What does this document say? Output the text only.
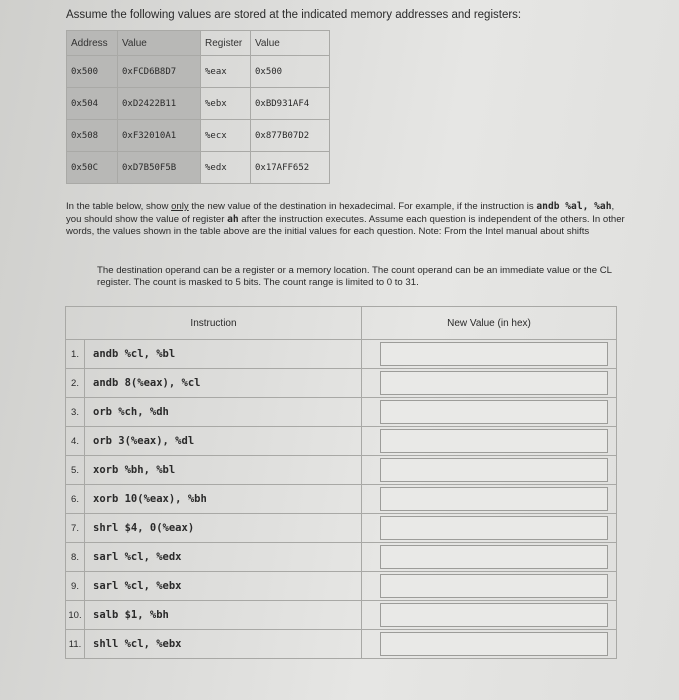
Assume the following values are stored at the indicated memory addresses and registers:
Address	Value	Register	Value
0x500	0xFCD6B8D7	%eax	0x500
0x504	0xD2422B11	%ebx	0xBD931AF4
0x508	0xF32010A1	%ecx	0x877B07D2
0x50C	0xD7B50F5B	%edx	0x17AFF652
In the table below, show only the new value of the destination in hexadecimal. For example, if the instruction is andb %al, %ah, you should show the value of register ah after the instruction executes. Assume each question is independent of the others. In other words, the values shown in the table above are the initial values for each question. Note: From the Intel manual about shifts
The destination operand can be a register or a memory location. The count operand can be an immediate value or the CL register. The count is masked to 5 bits. The count range is limited to 0 to 31.
Instruction		New Value (in hex)
1.	andb %cl, %bl	

2.	andb 8(%eax), %cl	

3.	orb %ch, %dh	

4.	orb 3(%eax), %dl	

5.	xorb %bh, %bl	

6.	xorb 10(%eax), %bh	

7.	shrl $4, 0(%eax)	

8.	sarl %cl, %edx	

9.	sarl %cl, %ebx	

10.	salb $1, %bh	

11.	shll %cl, %ebx	
